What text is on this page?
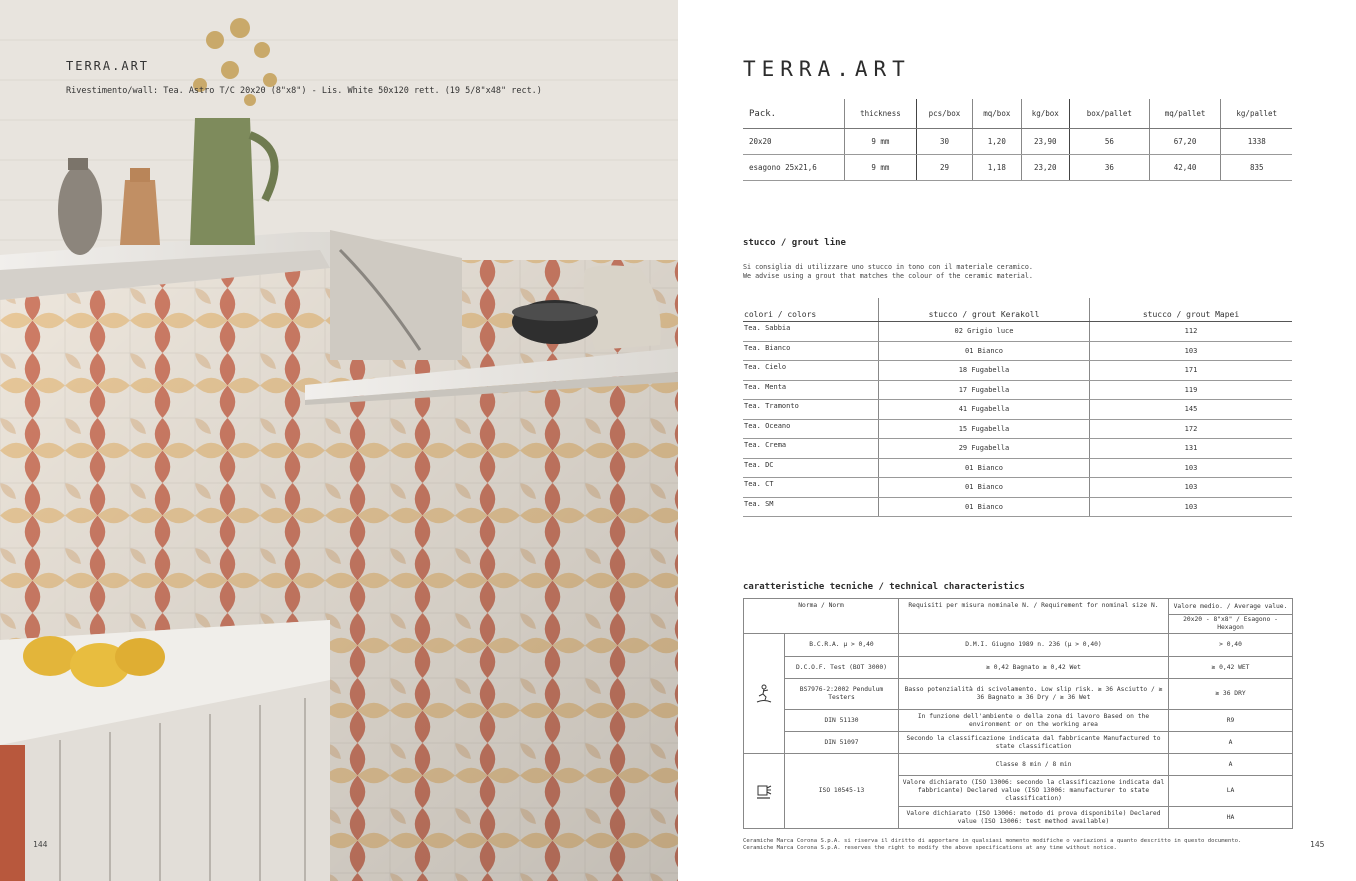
TERRA.ART
Rivestimento/wall: Tea. Astro T/C 20x20 (8"x8") - Lis. White 50x120 rett. (19 5/8"x48" rect.)
144
TERRA.ART
Pack.	thickness	pcs/box	mq/box	kg/box	box/pallet	mq/pallet	kg/pallet
20x20	9 mm	30	1,20	23,90	56	67,20	1338
esagono 25x21,6	9 mm	29	1,18	23,20	36	42,40	835
stucco / grout line
Si consiglia di utilizzare uno stucco in tono con il materiale ceramico.
We advise using a grout that matches the colour of the ceramic material.
colori / colors	stucco / grout Kerakoll	stucco / grout Mapei
Tea. Sabbia	02 Grigio luce	112
Tea. Bianco	01 Bianco	103
Tea. Cielo	18 Fugabella	171
Tea. Menta	17 Fugabella	119
Tea. Tramonto	41 Fugabella	145
Tea. Oceano	15 Fugabella	172
Tea. Crema	29 Fugabella	131
Tea. DC	01 Bianco	103
Tea. CT	01 Bianco	103
Tea. SM	01 Bianco	103
caratteristiche tecniche / technical characteristics
Norma / Norm		Requisiti per misura nominale N. / Requirement for nominal size N.	Valore medio. / Average value.
			20x20 - 8"x8" / Esagono - Hexagon

	B.C.R.A. µ > 0,40	D.M.I. Giugno 1989 n. 236 (µ > 0,40)	> 0,40
	D.C.O.F. Test (BOT 3000)	≥ 0,42 Bagnato ≥ 0,42 Wet	≥ 0,42 WET
	BS7976-2:2002 Pendulum Testers	Basso potenzialità di scivolamento. Low slip risk. ≥ 36 Asciutto / ≥ 36 Bagnato ≥ 36 Dry / ≥ 36 Wet	≥ 36 DRY
	DIN 51130	In funzione dell'ambiente o della zona di lavoro Based on the environment or on the working area	R9
	DIN 51097	Secondo la classificazione indicata dal fabbricante Manufactured to state classification	A

	ISO 10545-13	Classe 8 min / 8 min	A
		Valore dichiarato (ISO 13006: secondo la classificazione indicata dal fabbricante) Declared value (ISO 13006: manufacturer to state classification)	LA
		Valore dichiarato (ISO 13006: metodo di prova disponibile) Declared value (ISO 13006: test method available)	HA
Ceramiche Marca Corona S.p.A. si riserva il diritto di apportare in qualsiasi momento modifiche o variazioni a quanto descritto in questo documento.
Ceramiche Marca Corona S.p.A. reserves the right to modify the above specifications at any time without notice.	145
